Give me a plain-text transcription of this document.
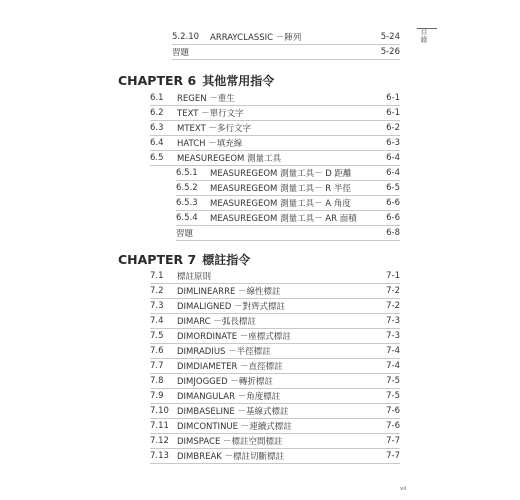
目錄
5.2.10	ARRAYCLASSIC －陣列	5-24
習題	5-26
CHAPTER 6 其他常用指令
6.1	REGEN －重生	6-1
6.2	TEXT －單行文字	6-1
6.3	MTEXT －多行文字	6-2
6.4	HATCH －填充線	6-3
6.5	MEASUREGEOM 測量工具	6-4
6.5.1	MEASUREGEOM 測量工具－ D 距離	6-4
6.5.2	MEASUREGEOM 測量工具－ R 半徑	6-5
6.5.3	MEASUREGEOM 測量工具－ A 角度	6-6
6.5.4	MEASUREGEOM 測量工具－ AR 面積	6-6
習題	6-8
CHAPTER 7 標註指令
7.1	標註原則	7-1
7.2	DIMLINEARRE －線性標註	7-2
7.3	DIMALIGNED －對齊式標註	7-2
7.4	DIMARC －弧長標註	7-3
7.5	DIMORDINATE －座標式標註	7-3
7.6	DIMRADIUS －半徑標註	7-4
7.7	DIMDIAMETER －直徑標註	7-4
7.8	DIMJOGGED －轉折標註	7-5
7.9	DIMANGULAR －角度標註	7-5
7.10 DIMBASELINE －基線式標註	7-6
7.11 DIMCONTINUE －連續式標註	7-6
7.12 DIMSPACE －標註空間標註	7-7
7.13 DIMBREAK －標註切斷標註	7-7
vii
